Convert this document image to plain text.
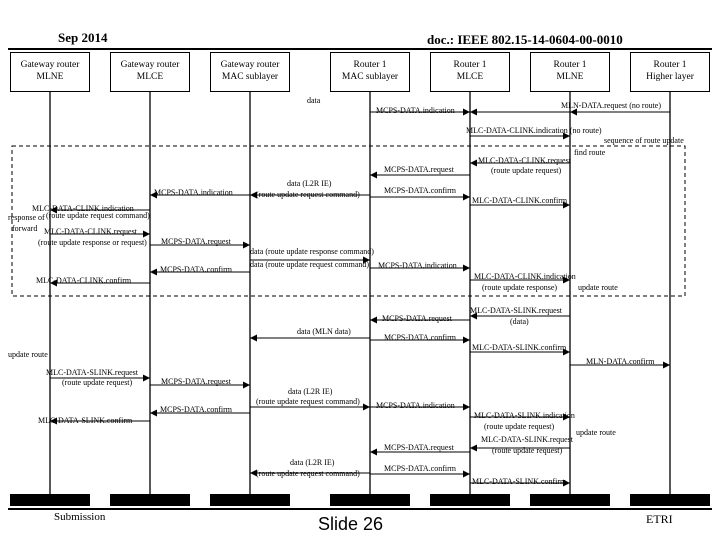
Sep 2014	doc.: IEEE 802.15-14-0604-00-0010
data
MLN-DATA.request (no route)
MCPS-DATA.indication
MLC-DATA-CLINK.indication (no route)
sequence of route update
find route
MLC-DATA-CLINK.request
(route update request)
MCPS-DATA.request
data (L2R IE)
(route update request command)
MCPS-DATA.indication	MCPS-DATA.confirm
MLC-DATA-CLINK.confirm
MLC-DATA-CLINK.indication
response of (route update request command)
forward MLC-DATA-CLINK.request
(route update response or request) MCPS-DATA.request
data (route update response command)
data (route update request command) MCPS-DATA.indication
MCPS-DATA.confirm
MLC-DATA-CLINK.indication
MLC-DATA-CLINK.confirm
(route update response)	update route
MLC-DATA-SLINK.request
(data)
MCPS-DATA.request
data (MLN data)
MCPS-DATA.confirm
MLC-DATA-SLINK.confirm
update route
MLN-DATA.confirm
MLC-DATA-SLINK.request
(route update request)	MCPS-DATA.request
data (L2R IE)
(route update request command) MCPS-DATA.indication
MCPS-DATA.confirm
MLC-DATA-SLINK.indication
(route update request)
update route
MLC-DATA-SLINK.confirm
MLC-DATA-SLINK.request
MCPS-DATA.request	(route update request)
data (L2R IE)
(route update request command)
MCPS-DATA.confirm
MLC-DATA-SLINK.confirm
Gateway router
MLNE
Gateway router
MLCE
Gateway router
MAC sublayer
Router 1
MAC sublayer
Router 1
MLCE
Router 1
MLNE
Router 1
Higher layer
Submission	Slide 26	ETRI
